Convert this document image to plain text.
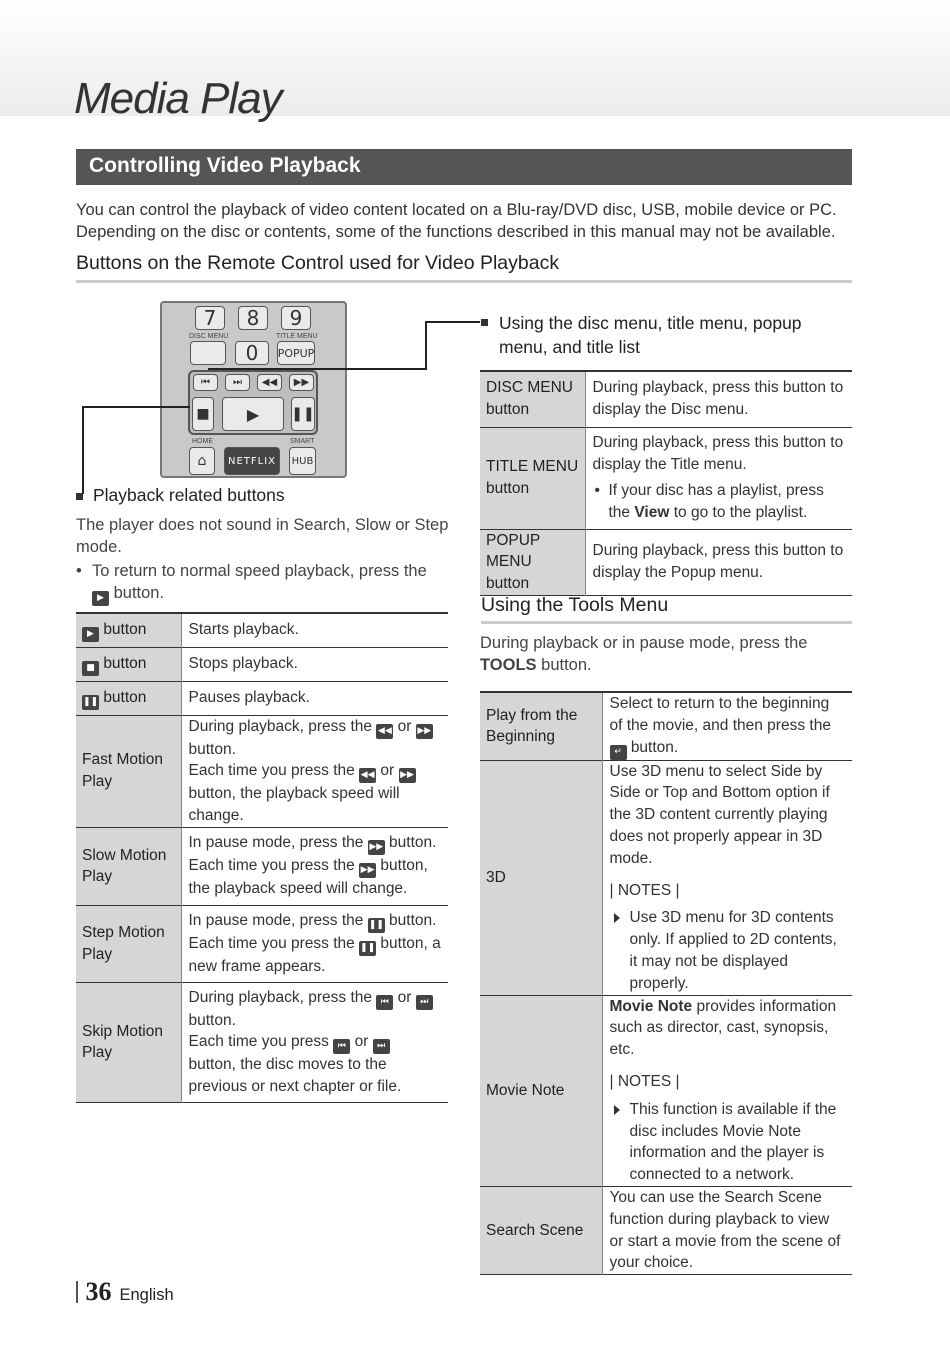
Media Play
Controlling Video Playback
You can control the playback of video content located on a Blu-ray/DVD disc, USB, mobile device or PC. Depending on the disc or contents, some of the functions described in this manual may not be available.
Buttons on the Remote Control used for Video Playback
7	8	9
DISC MENU	TITLE MENU
0	POPUP
⏮	⏭	◀◀	▶▶
■	▶	❚❚
HOME	SMART
⌂	NETFLIX	HUB
Playback related buttons
The player does not sound in Search, Slow or Step mode.
• To return to normal speed playback, press the
▶ button.
▶ button	Starts playback.
■ button	Stops playback.
❚❚ button	Pauses playback.
Fast Motion Play	During playback, press the ◀◀ or ▶▶ button.
Each time you press the ◀◀ or ▶▶ button, the playback speed will change.
Slow Motion Play	In pause mode, press the ▶▶ button.
Each time you press the ▶▶ button, the playback speed will change.
Step Motion Play	In pause mode, press the ❚❚ button.
Each time you press the ❚❚ button, a new frame appears.
Skip Motion Play	During playback, press the ⏮ or ⏭ button.
Each time you press ⏮ or ⏭ button, the disc moves to the previous or next chapter or file.
Using the disc menu, title menu, popup menu, and title list
DISC MENU button	During playback, press this button to display the Disc menu.
TITLE MENU button	During playback, press this button to display the Title menu.
• If your disc has a playlist, press the View to go to the playlist.

POPUP MENU button	During playback, press this button to display the Popup menu.
Using the Tools Menu
During playback or in pause mode, press the TOOLS button.
Play from the Beginning	Select to return to the beginning of the movie, and then press the ↵ button.
3D	Use 3D menu to select Side by Side or Top and Bottom option if the 3D content currently playing does not properly appear in 3D mode.
| NOTES |
Use 3D menu for 3D contents only. If applied to 2D contents, it may not be displayed properly.

Movie Note	Movie Note provides information such as director, cast, synopsis, etc.
| NOTES |
This function is available if the disc includes Movie Note information and the player is connected to a network.

Search Scene	You can use the Search Scene function during playback to view or start a movie from the scene of your choice.
36 English
